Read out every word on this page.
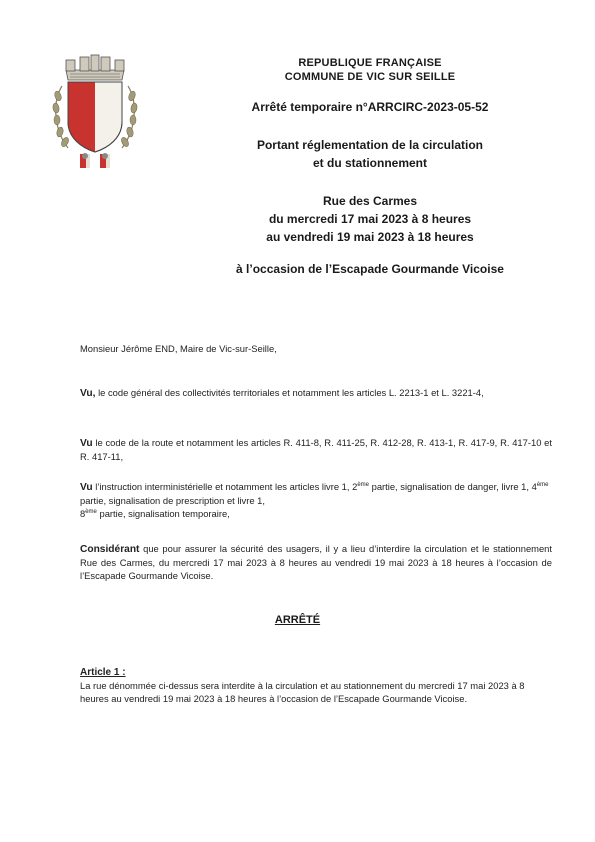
REPUBLIQUE FRANÇAISE

COMMUNE DE VIC SUR SEILLE

Arrêté temporaire n°ARRCIRC-2023-05-52

Portant réglementation de la circulation

et du stationnement

Rue des Carmes

du mercredi 17 mai 2023 à 8 heures

au vendredi 19 mai 2023 à 18 heures

à l’occasion de l’Escapade Gourmande Vicoise

Monsieur Jérôme END, Maire de Vic-sur-Seille,
Vu, le code général des collectivités territoriales et notamment les articles L. 2213-1 et L. 3221-4,
Vu le code de la route et notamment les articles R. 411-8, R. 411-25, R. 412-28, R. 413-1, R. 417-9, R. 417-10 et R. 417-11,
Vu l’instruction interministérielle et notamment les articles livre 1, 2ème partie, signalisation de danger, livre 1, 4ème partie, signalisation de prescription et livre 1,
8ème partie, signalisation temporaire,
Considérant que pour assurer la sécurité des usagers, il y a lieu d’interdire la circulation et le stationnement Rue des Carmes, du mercredi 17 mai 2023 à 8 heures au vendredi 19 mai 2023 à 18 heures à l’occasion de l’Escapade Gourmande Vicoise.
ARRÊTÉ
Article 1 :
La rue dénommée ci-dessus sera interdite à la circulation et au stationnement du mercredi 17 mai 2023 à 8 heures au vendredi 19 mai 2023 à 18 heures à l’occasion de l’Escapade Gourmande Vicoise.
